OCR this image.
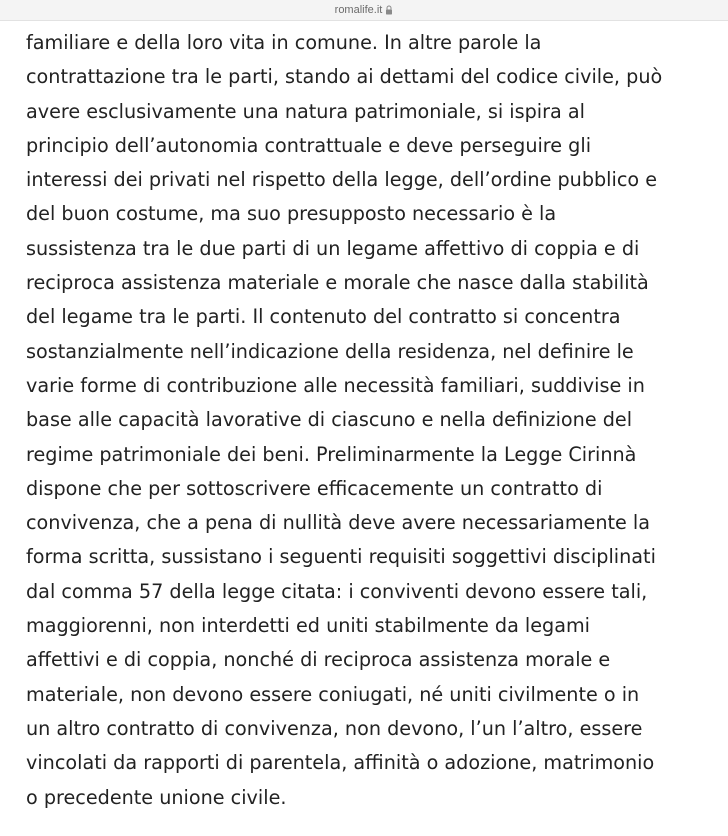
romalife.it
familiare e della loro vita in comune. In altre parole la
contrattazione tra le parti, stando ai dettami del codice civile, può
avere esclusivamente una natura patrimoniale, si ispira al
principio dell’autonomia contrattuale e deve perseguire gli
interessi dei privati nel rispetto della legge, dell’ordine pubblico e
del buon costume, ma suo presupposto necessario è la
sussistenza tra le due parti di un legame affettivo di coppia e di
reciproca assistenza materiale e morale che nasce dalla stabilità
del legame tra le parti. Il contenuto del contratto si concentra
sostanzialmente nell’indicazione della residenza, nel definire le
varie forme di contribuzione alle necessità familiari, suddivise in
base alle capacità lavorative di ciascuno e nella definizione del
regime patrimoniale dei beni. Preliminarmente la Legge Cirinnà
dispone che per sottoscrivere efficacemente un contratto di
convivenza, che a pena di nullità deve avere necessariamente la
forma scritta, sussistano i seguenti requisiti soggettivi disciplinati
dal comma 57 della legge citata: i conviventi devono essere tali,
maggiorenni, non interdetti ed uniti stabilmente da legami
affettivi e di coppia, nonché di reciproca assistenza morale e
materiale, non devono essere coniugati, né uniti civilmente o in
un altro contratto di convivenza, non devono, l’un l’altro, essere
vincolati da rapporti di parentela, affinità o adozione, matrimonio
o precedente unione civile.
